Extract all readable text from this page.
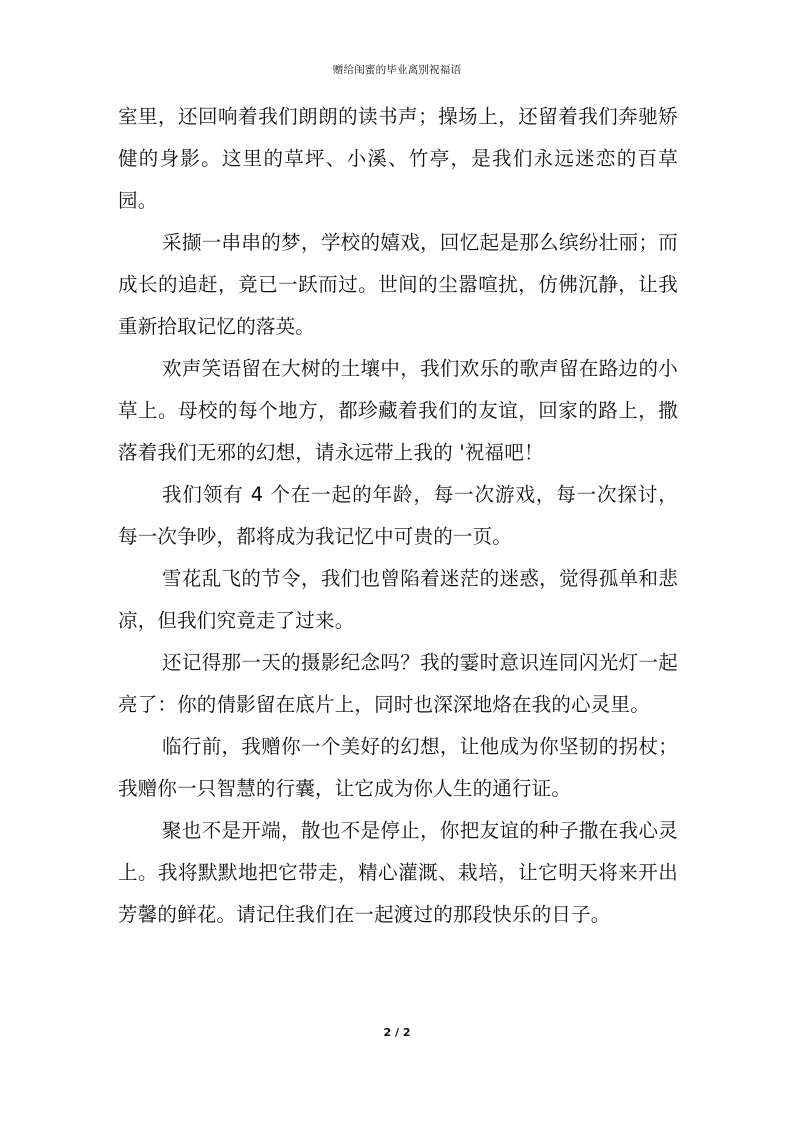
赠给闺蜜的毕业离别祝福语

室里，还回响着我们朗朗的读书声；操场上，还留着我们奔驰矫健的身影。这里的草坪、小溪、竹亭，是我们永远迷恋的百草园。

采撷一串串的梦，学校的嬉戏，回忆起是那么缤纷壮丽；而成长的追赶，竟已一跃而过。世间的尘嚣喧扰，仿佛沉静，让我重新拾取记忆的落英。

欢声笑语留在大树的土壤中，我们欢乐的歌声留在路边的小草上。母校的每个地方，都珍藏着我们的友谊，回家的路上，撒落着我们无邪的幻想，请永远带上我的 '祝福吧！

我们领有 4 个在一起的年龄，每一次游戏，每一次探讨，每一次争吵，都将成为我记忆中可贵的一页。

雪花乱飞的节令，我们也曾陷着迷茫的迷惑，觉得孤单和悲凉，但我们究竟走了过来。

还记得那一天的摄影纪念吗？我的霎时意识连同闪光灯一起亮了：你的倩影留在底片上，同时也深深地烙在我的心灵里。

临行前，我赠你一个美好的幻想，让他成为你坚韧的拐杖；我赠你一只智慧的行囊，让它成为你人生的通行证。

聚也不是开端，散也不是停止，你把友谊的种子撒在我心灵上。我将默默地把它带走，精心灌溉、栽培，让它明天将来开出芳馨的鲜花。请记住我们在一起渡过的那段快乐的日子。

2 / 2
